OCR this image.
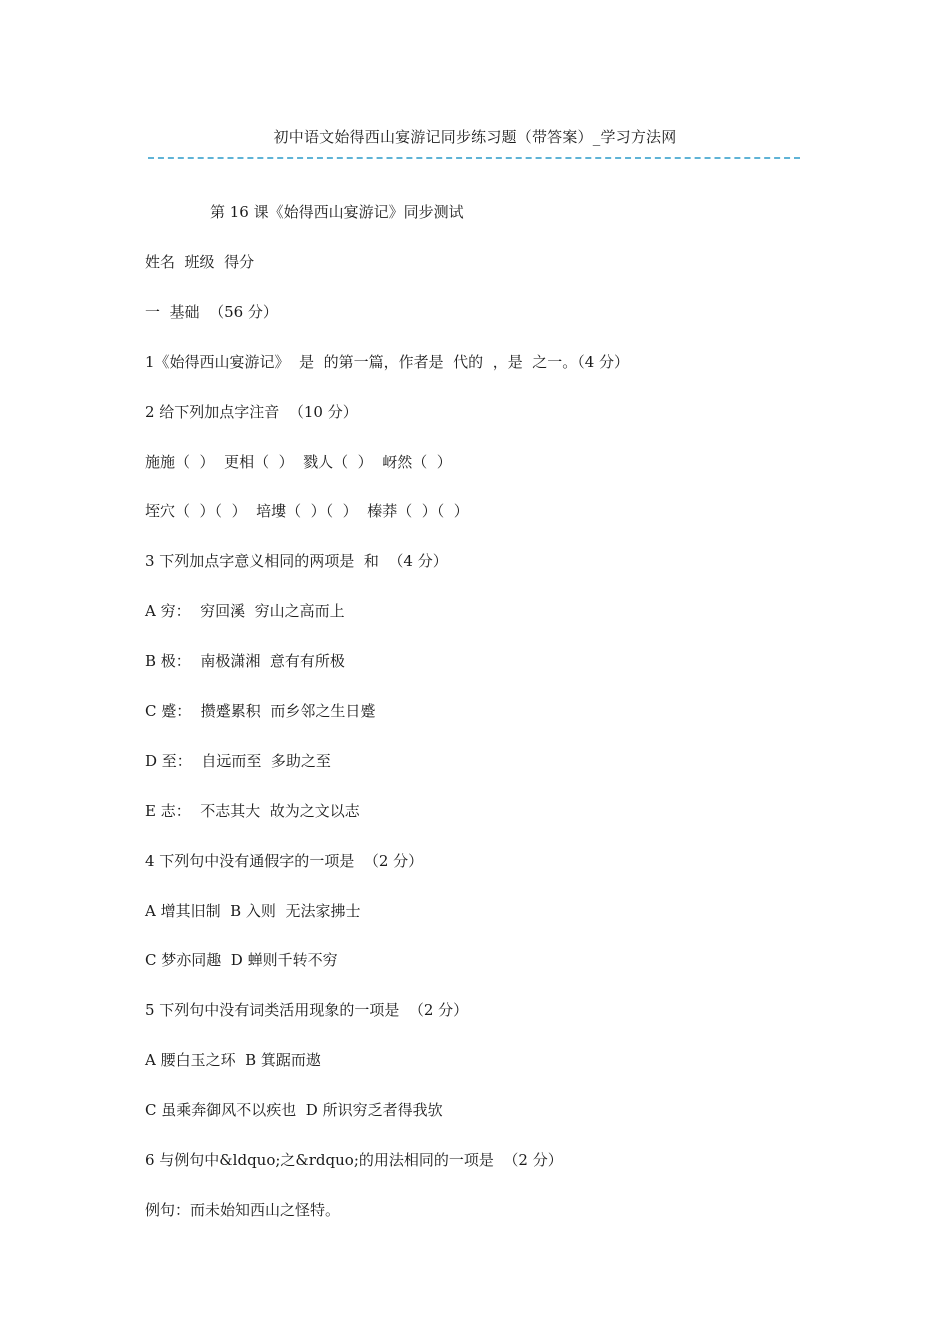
初中语文始得西山宴游记同步练习题（带答案）_学习方法网
第 16 课《始得西山宴游记》同步测试
姓名  班级  得分
一  基础  （56 分）
1《始得西山宴游记》  是  的第一篇，作者是  代的  ，是  之一。（4 分）
2 给下列加点字注音  （10 分）
施施（  ）  更相（  ）  戮人（  ）  岈然（  ）
垤穴（  ）（  ）  培塿（  ）（  ）  榛莽（  ）（  ）
3 下列加点字意义相同的两项是  和  （4 分）
A 穷：  穷回溪  穷山之高而上
B 极：  南极潇湘  意有有所极
C 蹙：  攒蹙累积  而乡邻之生日蹙
D 至：  自远而至  多助之至
E 志：  不志其大  故为之文以志
4 下列句中没有通假字的一项是  （2 分）
A 增其旧制  B 入则  无法家拂士
C 梦亦同趣  D 蝉则千转不穷
5 下列句中没有词类活用现象的一项是  （2 分）
A 腰白玉之环  B 箕踞而遨
C 虽乘奔御风不以疾也  D 所识穷乏者得我欤
6 与例句中&ldquo;之&rdquo;的用法相同的一项是  （2 分）
例句：而未始知西山之怪特。
